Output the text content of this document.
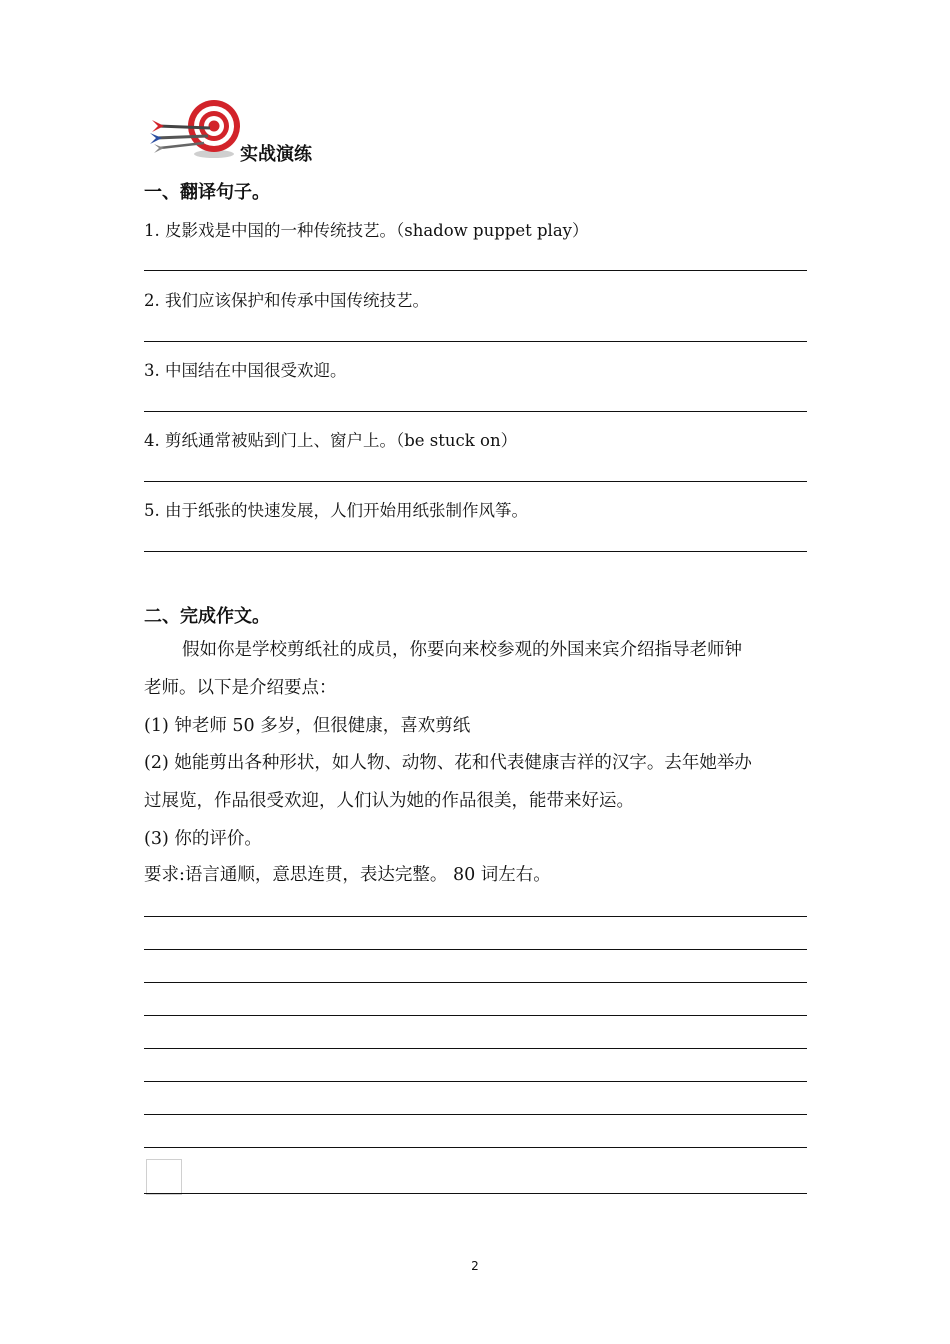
实战演练
一、翻译句子。
1. 皮影戏是中国的一种传统技艺。（shadow puppet play）
2. 我们应该保护和传承中国传统技艺。
3. 中国结在中国很受欢迎。
4. 剪纸通常被贴到门上、窗户上。（be stuck on）
5. 由于纸张的快速发展，人们开始用纸张制作风筝。
二、完成作文。
假如你是学校剪纸社的成员，你要向来校参观的外国来宾介绍指导老师钟
老师。以下是介绍要点：
(1) 钟老师 50 多岁，但很健康，喜欢剪纸
(2) 她能剪出各种形状，如人物、动物、花和代表健康吉祥的汉字。去年她举办
过展览，作品很受欢迎，人们认为她的作品很美，能带来好运。
(3) 你的评价。
要求:语言通顺，意思连贯，表达完整。 80 词左右。
2
